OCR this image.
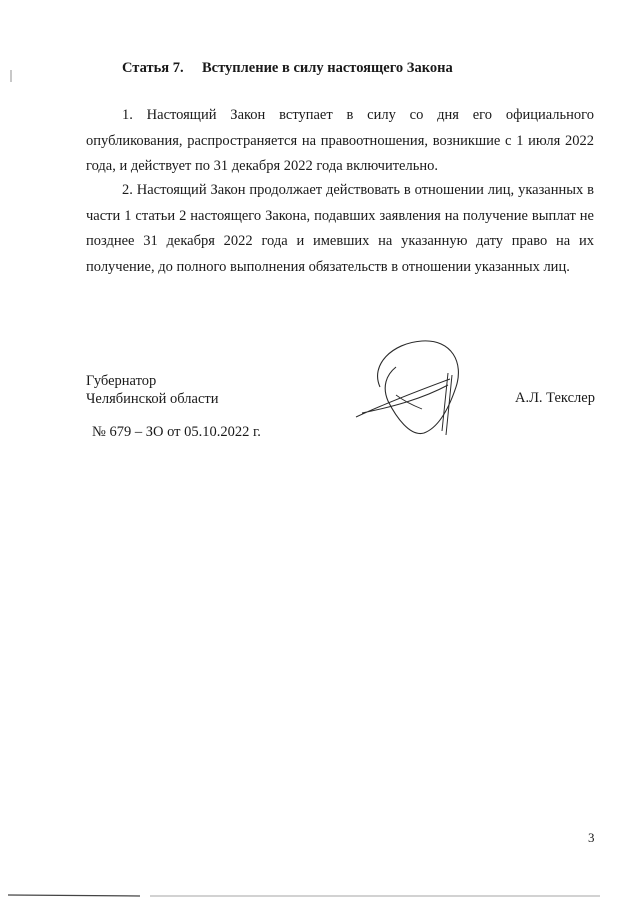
Статья 7. Вступление в силу настоящего Закона

1. Настоящий Закон вступает в силу со дня его официального опубликования, распространяется на правоотношения, возникшие с 1 июля 2022 года, и действует по 31 декабря 2022 года включительно.

2. Настоящий Закон продолжает действовать в отношении лиц, указанных в части 1 статьи 2 настоящего Закона, подавших заявления на получение выплат не позднее 31 декабря 2022 года и имевших на указанную дату право на их получение, до полного выполнения обязательств в отношении указанных лиц.

Губернатор
Челябинской области	А.Л. Текслер
№ 679 – ЗО от 05.10.2022 г.
3
